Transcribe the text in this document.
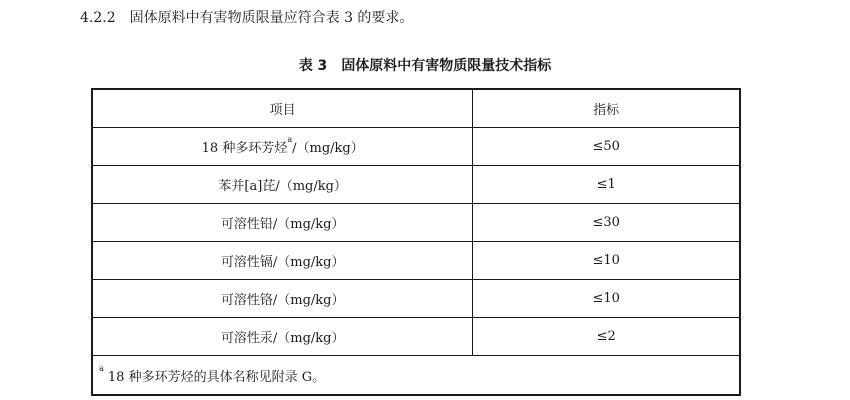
4.2.2 固体原料中有害物质限量应符合表 3 的要求。
表 3 固体原料中有害物质限量技术指标
项目	指标
18 种多环芳烃$^a$/（mg/kg）	≤50
苯并[a]芘/（mg/kg）	≤1
可溶性铅/（mg/kg）	≤30
可溶性镉/（mg/kg）	≤10
可溶性铬/（mg/kg）	≤10
可溶性汞/（mg/kg）	≤2
$^a$ 18 种多环芳烃的具体名称见附录 G。	
